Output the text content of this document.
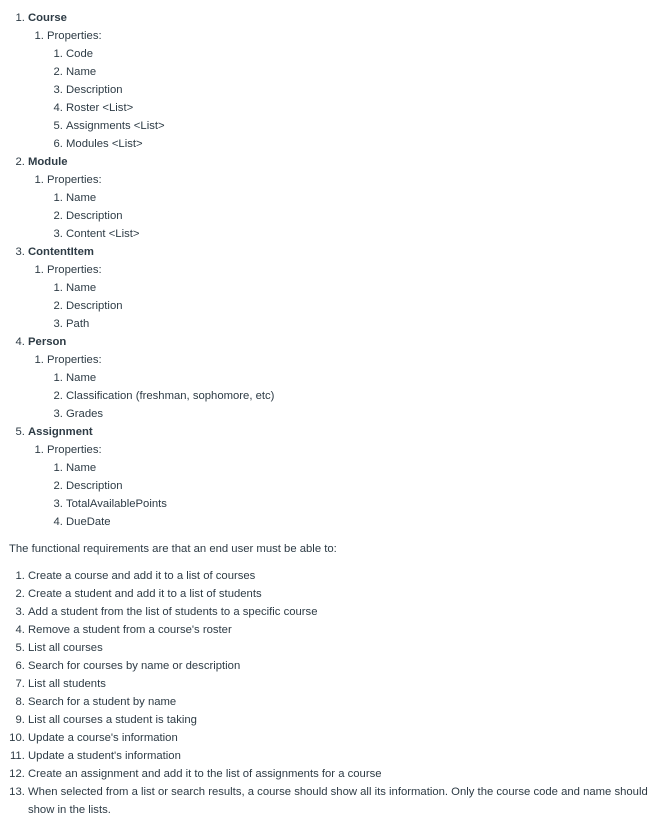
1. Course
1. Properties:
1. Code
2. Name
3. Description
4. Roster <List>
5. Assignments <List>
6. Modules <List>
2. Module
1. Properties:
1. Name
2. Description
3. Content <List>
3. ContentItem
1. Properties:
1. Name
2. Description
3. Path
4. Person
1. Properties:
1. Name
2. Classification (freshman, sophomore, etc)
3. Grades
5. Assignment
1. Properties:
1. Name
2. Description
3. TotalAvailablePoints
4. DueDate

The functional requirements are that an end user must be able to:

1. Create a course and add it to a list of courses
2. Create a student and add it to a list of students
3. Add a student from the list of students to a specific course
4. Remove a student from a course's roster
5. List all courses
6. Search for courses by name or description
7. List all students
8. Search for a student by name
9. List all courses a student is taking
10. Update a course's information
11. Update a student's information
12. Create an assignment and add it to the list of assignments for a course
13. When selected from a list or search results, a course should show all its information. Only the course code and name should show in the lists.
